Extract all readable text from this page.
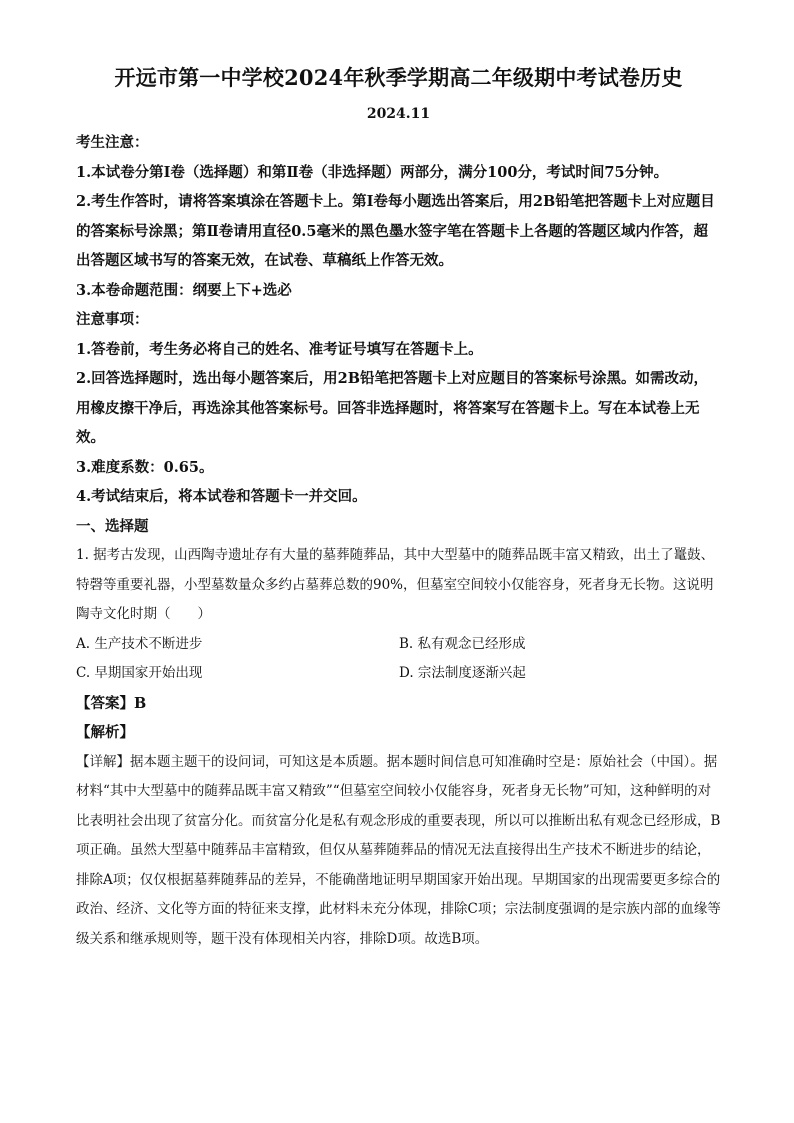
开远市第一中学校2024年秋季学期高二年级期中考试卷历史
2024.11

考生注意：

1.本试卷分第Ⅰ卷（选择题）和第Ⅱ卷（非选择题）两部分，满分100分，考试时间75分钟。

2.考生作答时，请将答案填涂在答题卡上。第Ⅰ卷每小题选出答案后，用2B铅笔把答题卡上对应题目的答案标号涂黑；第Ⅱ卷请用直径0.5毫米的黑色墨水签字笔在答题卡上各题的答题区域内作答，超出答题区域书写的答案无效，在试卷、草稿纸上作答无效。

3.本卷命题范围：纲要上下+选必

注意事项：

1.答卷前，考生务必将自己的姓名、准考证号填写在答题卡上。

2.回答选择题时，选出每小题答案后，用2B铅笔把答题卡上对应题目的答案标号涂黑。如需改动，用橡皮擦干净后，再选涂其他答案标号。回答非选择题时，将答案写在答题卡上。写在本试卷上无效。

3.难度系数：0.65。

4.考试结束后，将本试卷和答题卡一并交回。

一、选择题

1. 据考古发现，山西陶寺遗址存有大量的墓葬随葬品，其中大型墓中的随葬品既丰富又精致，出土了鼍鼓、特磬等重要礼器，小型墓数量众多约占墓葬总数的90%，但墓室空间较小仅能容身，死者身无长物。这说明陶寺文化时期（　　）

A. 生产技术不断进步	B. 私有观念已经形成
C. 早期国家开始出现	D. 宗法制度逐渐兴起

【答案】B

【解析】

【详解】据本题主题干的设问词，可知这是本质题。据本题时间信息可知准确时空是：原始社会（中国）。据材料“其中大型墓中的随葬品既丰富又精致”“但墓室空间较小仅能容身，死者身无长物”可知，这种鲜明的对比表明社会出现了贫富分化。而贫富分化是私有观念形成的重要表现，所以可以推断出私有观念已经形成，B项正确。虽然大型墓中随葬品丰富精致，但仅从墓葬随葬品的情况无法直接得出生产技术不断进步的结论，排除A项；仅仅根据墓葬随葬品的差异，不能确凿地证明早期国家开始出现。早期国家的出现需要更多综合的政治、经济、文化等方面的特征来支撑，此材料未充分体现，排除C项；宗法制度强调的是宗族内部的血缘等级关系和继承规则等，题干没有体现相关内容，排除D项。故选B项。
